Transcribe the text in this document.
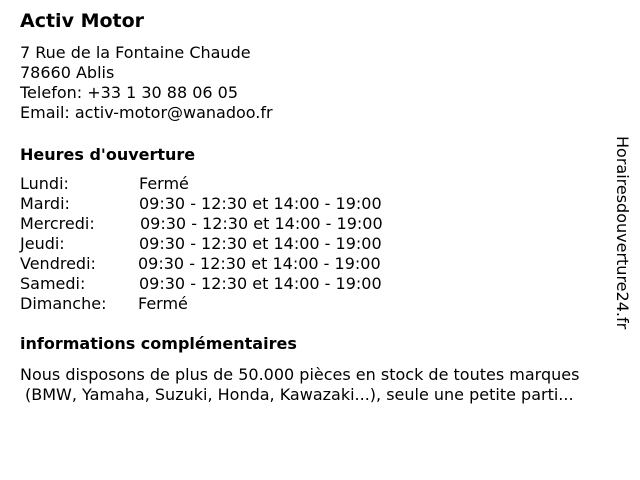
Activ Motor
7 Rue de la Fontaine Chaude
78660 Ablis
Telefon: +33 1 30 88 06 05
Email: activ-motor@wanadoo.fr
Heures d'ouverture
Lundi:	Fermé
Mardi:	09:30 - 12:30 et 14:00 - 19:00
Mercredi:	09:30 - 12:30 et 14:00 - 19:00
Jeudi:	09:30 - 12:30 et 14:00 - 19:00
Vendredi:	09:30 - 12:30 et 14:00 - 19:00
Samedi:	09:30 - 12:30 et 14:00 - 19:00
Dimanche: Fermé
informations complémentaires
Nous disposons de plus de 50.000 pièces en stock de toutes marques
(BMW, Yamaha, Suzuki, Honda, Kawazaki...), seule une petite parti...
Horairesdouverture24.fr
